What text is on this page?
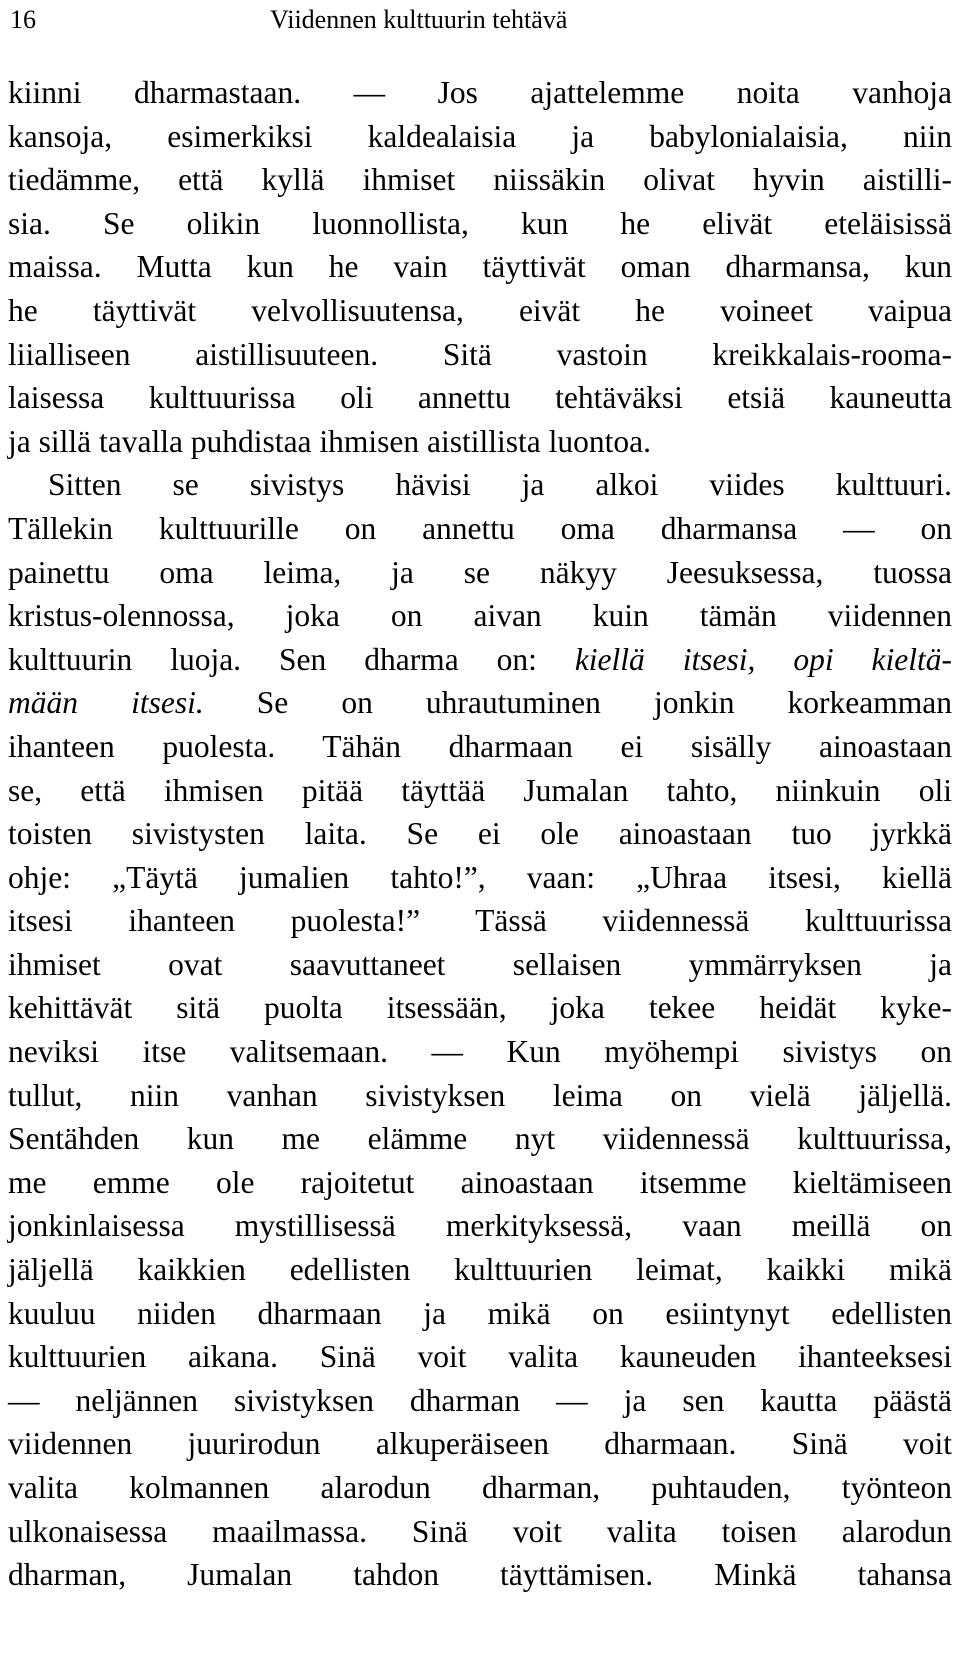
16	Viidennen kulttuurin tehtävä
kiinni dharmastaan. — Jos ajattelemme noita vanhoja
kansoja, esimerkiksi kaldealaisia ja babylonialaisia, niin
tiedämme, että kyllä ihmiset niissäkin olivat hyvin aistilli-
sia. Se olikin luonnollista, kun he elivät eteläisissä
maissa. Mutta kun he vain täyttivät oman dharmansa, kun
he täyttivät velvollisuutensa, eivät he voineet vaipua
liialliseen aistillisuuteen. Sitä vastoin kreikkalais-rooma-
laisessa kulttuurissa oli annettu tehtäväksi etsiä kauneutta
ja sillä tavalla puhdistaa ihmisen aistillista luontoa.
Sitten se sivistys hävisi ja alkoi viides kulttuuri.
Tällekin kulttuurille on annettu oma dharmansa — on
painettu oma leima, ja se näkyy Jeesuksessa, tuossa
kristus-olennossa, joka on aivan kuin tämän viidennen
kulttuurin luoja. Sen dharma on: kiellä itsesi, opi kieltä-
mään itsesi. Se on uhrautuminen jonkin korkeamman
ihanteen puolesta. Tähän dharmaan ei sisälly ainoastaan
se, että ihmisen pitää täyttää Jumalan tahto, niinkuin oli
toisten sivistysten laita. Se ei ole ainoastaan tuo jyrkkä
ohje: „Täytä jumalien tahto!”, vaan: „Uhraa itsesi, kiellä
itsesi ihanteen puolesta!” Tässä viidennessä kulttuurissa
ihmiset ovat saavuttaneet sellaisen ymmärryksen ja
kehittävät sitä puolta itsessään, joka tekee heidät kyke-
neviksi itse valitsemaan. — Kun myöhempi sivistys on
tullut, niin vanhan sivistyksen leima on vielä jäljellä.
Sentähden kun me elämme nyt viidennessä kulttuurissa,
me emme ole rajoitetut ainoastaan itsemme kieltämiseen
jonkinlaisessa mystillisessä merkityksessä, vaan meillä on
jäljellä kaikkien edellisten kulttuurien leimat, kaikki mikä
kuuluu niiden dharmaan ja mikä on esiintynyt edellisten
kulttuurien aikana. Sinä voit valita kauneuden ihanteeksesi
— neljännen sivistyksen dharman — ja sen kautta päästä
viidennen juurirodun alkuperäiseen dharmaan. Sinä voit
valita kolmannen alarodun dharman, puhtauden, työnteon
ulkonaisessa maailmassa. Sinä voit valita toisen alarodun
dharman, Jumalan tahdon täyttämisen. Minkä tahansa
